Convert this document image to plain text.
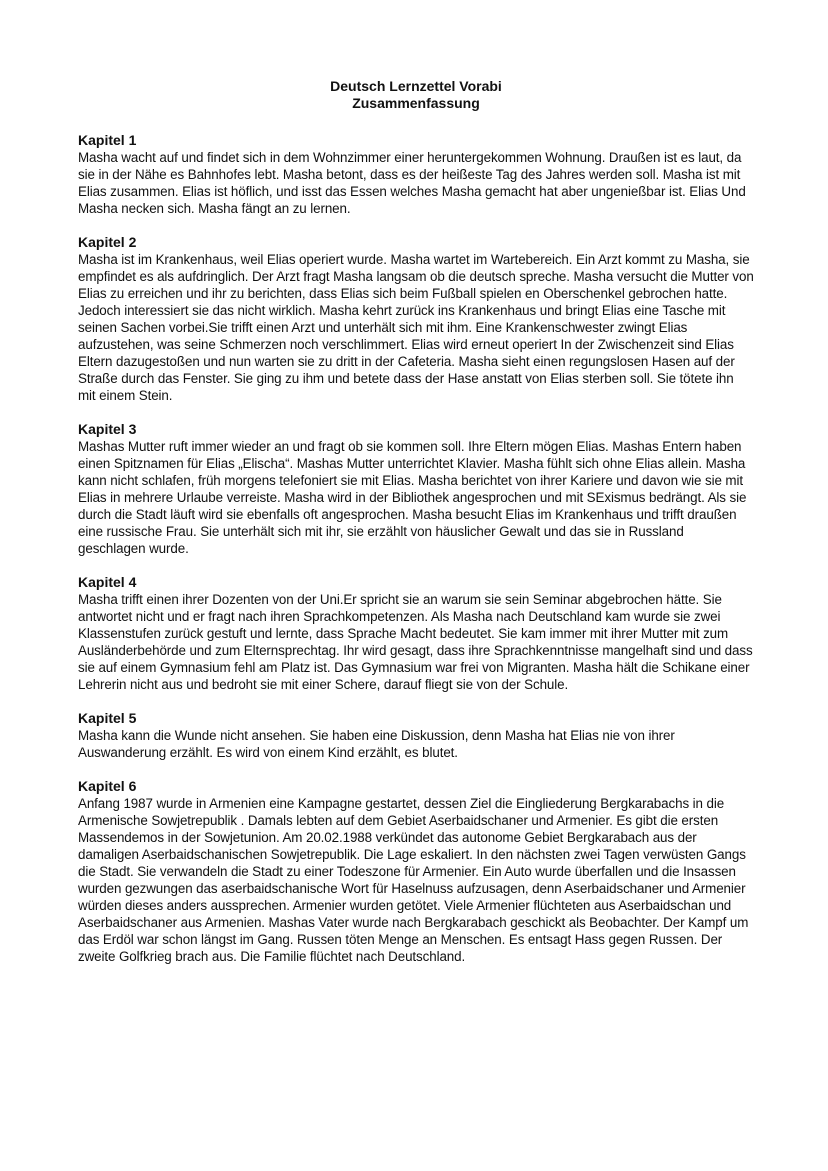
Deutsch Lernzettel Vorabi

Zusammenfassung

Kapitel 1

Masha wacht auf und findet sich in dem Wohnzimmer einer heruntergekommen Wohnung. Draußen ist es laut, da sie in der Nähe es Bahnhofes lebt. Masha betont, dass es der heißeste Tag des Jahres werden soll. Masha ist mit Elias zusammen. Elias ist höflich, und isst das Essen welches Masha gemacht hat aber ungenießbar ist. Elias Und Masha necken sich. Masha fängt an zu lernen.

Kapitel 2

Masha ist im Krankenhaus, weil Elias operiert wurde. Masha wartet im Wartebereich. Ein Arzt kommt zu Masha, sie empfindet es als aufdringlich. Der Arzt fragt Masha langsam ob die deutsch spreche. Masha versucht die Mutter von Elias zu erreichen und ihr zu berichten, dass Elias sich beim Fußball spielen en Oberschenkel gebrochen hatte. Jedoch interessiert sie das nicht wirklich. Masha kehrt zurück ins Krankenhaus und bringt Elias eine Tasche mit seinen Sachen vorbei.Sie trifft einen Arzt und unterhält sich mit ihm. Eine Krankenschwester zwingt Elias aufzustehen, was seine Schmerzen noch verschlimmert. Elias wird erneut operiert In der Zwischenzeit sind Elias Eltern dazugestoßen und nun warten sie zu dritt in der Cafeteria. Masha sieht einen regungslosen Hasen auf der Straße durch das Fenster. Sie ging zu ihm und betete dass der Hase anstatt von Elias sterben soll. Sie tötete ihn mit einem Stein.

Kapitel 3

Mashas Mutter ruft immer wieder an und fragt ob sie kommen soll. Ihre Eltern mögen Elias. Mashas Entern haben einen Spitznamen für Elias „Elischa“. Mashas Mutter unterrichtet Klavier. Masha fühlt sich ohne Elias allein. Masha kann nicht schlafen, früh morgens telefoniert sie mit Elias. Masha berichtet von ihrer Kariere und davon wie sie mit Elias in mehrere Urlaube verreiste. Masha wird in der Bibliothek angesprochen und mit SExismus bedrängt. Als sie durch die Stadt läuft wird sie ebenfalls oft angesprochen. Masha besucht Elias im Krankenhaus und trifft draußen eine russische Frau. Sie unterhält sich mit ihr, sie erzählt von häuslicher Gewalt und das sie in Russland geschlagen wurde.

Kapitel 4

Masha trifft einen ihrer Dozenten von der Uni.Er spricht sie an warum sie sein Seminar abgebrochen hätte. Sie antwortet nicht und er fragt nach ihren Sprachkompetenzen. Als Masha nach Deutschland kam wurde sie zwei Klassenstufen zurück gestuft und lernte, dass Sprache Macht bedeutet. Sie kam immer mit ihrer Mutter mit zum Ausländerbehörde und zum Elternsprechtag. Ihr wird gesagt, dass ihre Sprachkenntnisse mangelhaft sind und dass sie auf einem Gymnasium fehl am Platz ist. Das Gymnasium war frei von Migranten. Masha hält die Schikane einer Lehrerin nicht aus und bedroht sie mit einer Schere, darauf fliegt sie von der Schule.

Kapitel 5

Masha kann die Wunde nicht ansehen. Sie haben eine Diskussion, denn Masha hat Elias nie von ihrer Auswanderung erzählt. Es wird von einem Kind erzählt, es blutet.

Kapitel 6

Anfang 1987 wurde in Armenien eine Kampagne gestartet, dessen Ziel die Eingliederung Bergkarabachs in die Armenische Sowjetrepublik . Damals lebten auf dem Gebiet Aserbaidschaner und Armenier. Es gibt die ersten Massendemos in der Sowjetunion. Am 20.02.1988 verkündet das autonome Gebiet Bergkarabach aus der damaligen Aserbaidschanischen Sowjetrepublik. Die Lage eskaliert. In den nächsten zwei Tagen verwüsten Gangs die Stadt. Sie verwandeln die Stadt zu einer Todeszone für Armenier. Ein Auto wurde überfallen und die Insassen wurden gezwungen das aserbaidschanische Wort für Haselnuss aufzusagen, denn Aserbaidschaner und Armenier würden dieses anders aussprechen. Armenier wurden getötet. Viele Armenier flüchteten aus Aserbaidschan und Aserbaidschaner aus Armenien. Mashas Vater wurde nach Bergkarabach geschickt als Beobachter. Der Kampf um das Erdöl war schon längst im Gang. Russen töten Menge an Menschen. Es entsagt Hass gegen Russen. Der zweite Golfkrieg brach aus. Die Familie flüchtet nach Deutschland.
